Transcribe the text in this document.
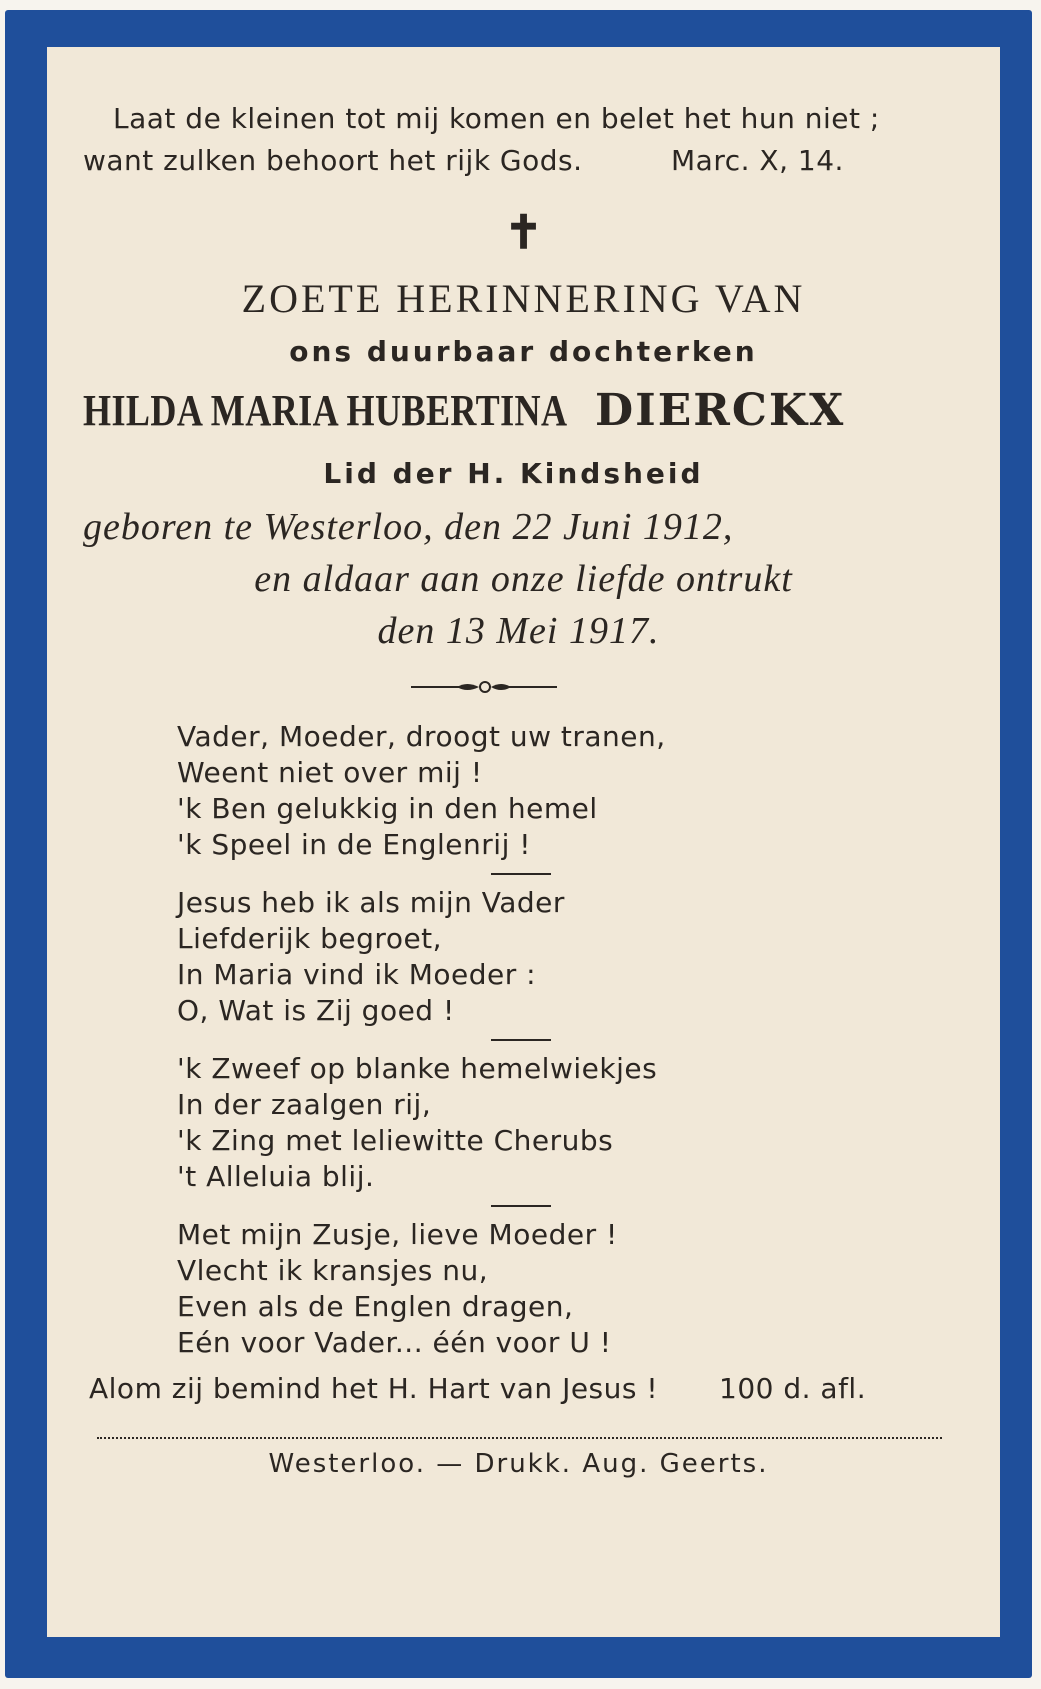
Laat de kleinen tot mij komen en belet het hun niet ;
want zulken behoort het rijk Gods.	Marc. X, 14.
✝
ZOETE HERINNERING VAN
ons duurbaar dochterken
HILDA MARIA HUBERTINA DIERCKX
Lid der H. Kindsheid
geboren te Westerloo, den 22 Juni 1912,
en aldaar aan onze liefde ontrukt
den 13 Mei 1917.
Vader, Moeder, droogt uw tranen,
Weent niet over mij !
'k Ben gelukkig in den hemel
'k Speel in de Englenrij !
Jesus heb ik als mijn Vader
Liefderijk begroet,
In Maria vind ik Moeder :
O, Wat is Zij goed !
'k Zweef op blanke hemelwiekjes
In der zaalgen rij,
'k Zing met leliewitte Cherubs
't Alleluia blij.
Met mijn Zusje, lieve Moeder !
Vlecht ik kransjes nu,
Even als de Englen dragen,
Eén voor Vader... één voor U !
Alom zij bemind het H. Hart van Jesus ! 100 d. afl.
Westerloo. — Drukk. Aug. Geerts.
